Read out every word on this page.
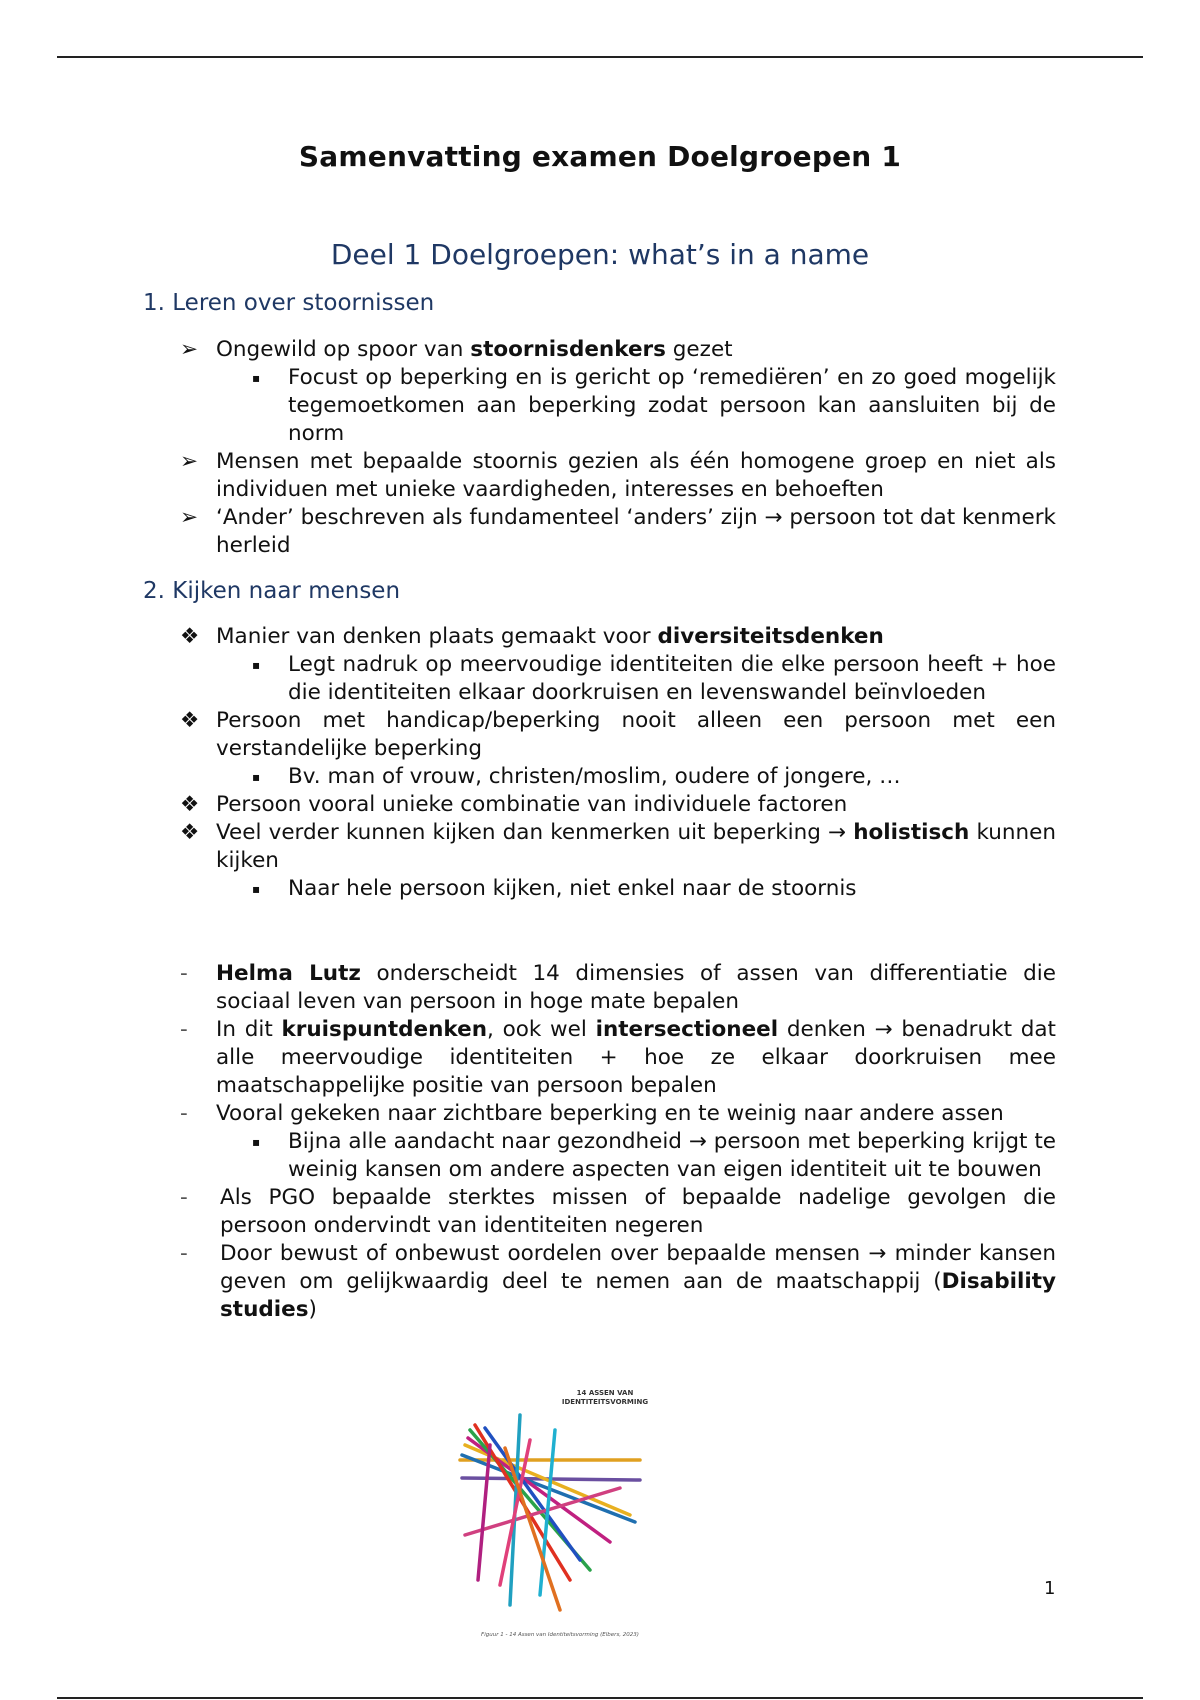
Samenvatting examen Doelgroepen 1
Deel 1 Doelgroepen: what’s in a name
1. Leren over stoornissen
➢ Ongewild op spoor van stoornisdenkers gezet
▪	Focust op beperking en is gericht op ‘remediëren’ en zo goed mogelijk tegemoetkomen aan beperking zodat persoon kan aansluiten bij de norm
➢ Mensen met bepaalde stoornis gezien als één homogene groep en niet als individuen met unieke vaardigheden, interesses en behoeften
➢ ‘Ander’ beschreven als fundamenteel ‘anders’ zijn → persoon tot dat kenmerk herleid
2. Kijken naar mensen
❖ Manier van denken plaats gemaakt voor diversiteitsdenken
▪	Legt nadruk op meervoudige identiteiten die elke persoon heeft + hoe die identiteiten elkaar doorkruisen en levenswandel beïnvloeden
❖ Persoon met handicap/beperking nooit alleen een persoon met een verstandelijke beperking
▪	Bv. man of vrouw, christen/moslim, oudere of jongere, …
❖ Persoon vooral unieke combinatie van individuele factoren
❖ Veel verder kunnen kijken dan kenmerken uit beperking → holistisch kunnen kijken
▪	Naar hele persoon kijken, niet enkel naar de stoornis
-	Helma Lutz onderscheidt 14 dimensies of assen van differentiatie die sociaal leven van persoon in hoge mate bepalen
-	In dit kruispuntdenken, ook wel intersectioneel denken → benadrukt dat alle meervoudige identiteiten + hoe ze elkaar doorkruisen mee maatschappelijke positie van persoon bepalen
-	Vooral gekeken naar zichtbare beperking en te weinig naar andere assen
▪	Bijna alle aandacht naar gezondheid → persoon met beperking krijgt te weinig kansen om andere aspecten van eigen identiteit uit te bouwen
-	Als PGO bepaalde sterktes missen of bepaalde nadelige gevolgen die persoon ondervindt van identiteiten negeren
-	Door bewust of onbewust oordelen over bepaalde mensen → minder kansen geven om gelijkwaardig deel te nemen aan de maatschappij (Disability studies)
14 ASSEN VAN
IDENTITEITSVORMING
Figuur 1 - 14 Assen van Identiteitsvorming (Elbers, 2023)
1
